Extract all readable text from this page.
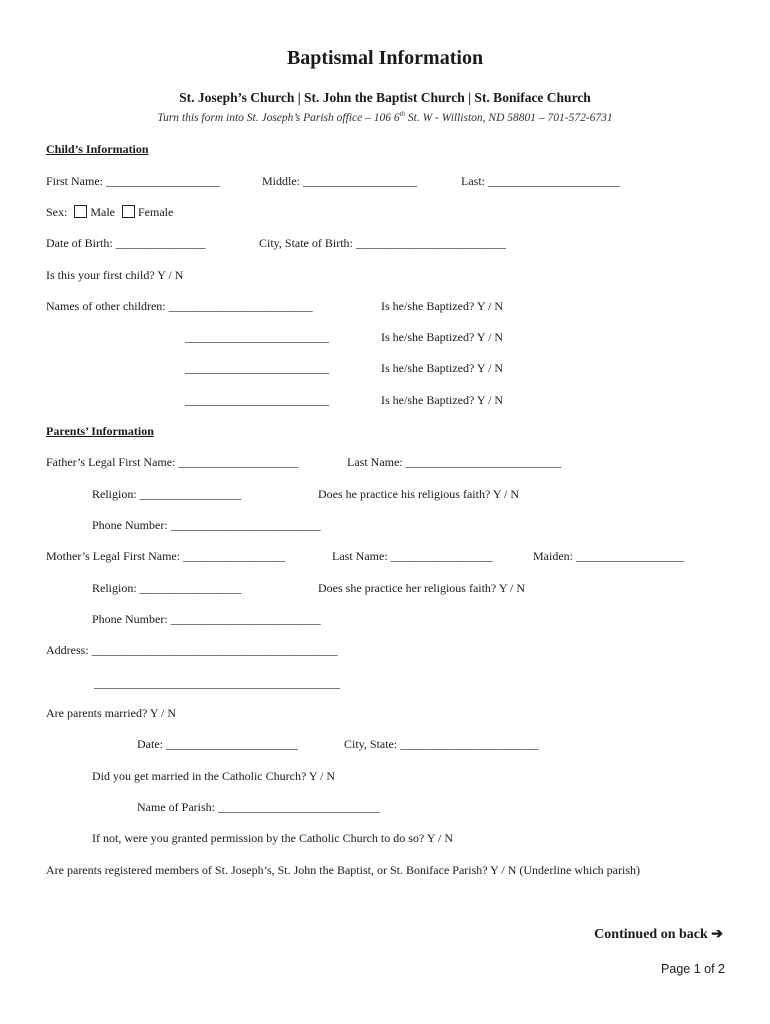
Baptismal Information
St. Joseph’s Church | St. John the Baptist Church | St. Boniface Church
Turn this form into St. Joseph’s Parish office – 106 6th St. W - Williston, ND 58801 – 701-572-6731
Child’s Information
First Name: ___________________	Middle: ___________________	Last: ______________________
Sex: Male Female
Date of Birth: _______________	City, State of Birth: _________________________
Is this your first child? Y / N
Names of other children: ________________________	Is he/she Baptized? Y / N
________________________	Is he/she Baptized? Y / N
________________________	Is he/she Baptized? Y / N
________________________	Is he/she Baptized? Y / N
Parents’ Information
Father’s Legal First Name: ____________________	Last Name: __________________________
Religion: _________________	Does he practice his religious faith? Y / N
Phone Number: _________________________
Mother’s Legal First Name: _________________	Last Name: _________________	Maiden: __________________
Religion: _________________	Does she practice her religious faith? Y / N
Phone Number: _________________________
Address: _________________________________________
_________________________________________
Are parents married? Y / N
Date: ______________________	City, State: _______________________
Did you get married in the Catholic Church? Y / N
Name of Parish: ___________________________
If not, were you granted permission by the Catholic Church to do so? Y / N
Are parents registered members of St. Joseph’s, St. John the Baptist, or St. Boniface Parish? Y / N (Underline which parish)
Continued on back ➔
Page 1 of 2
